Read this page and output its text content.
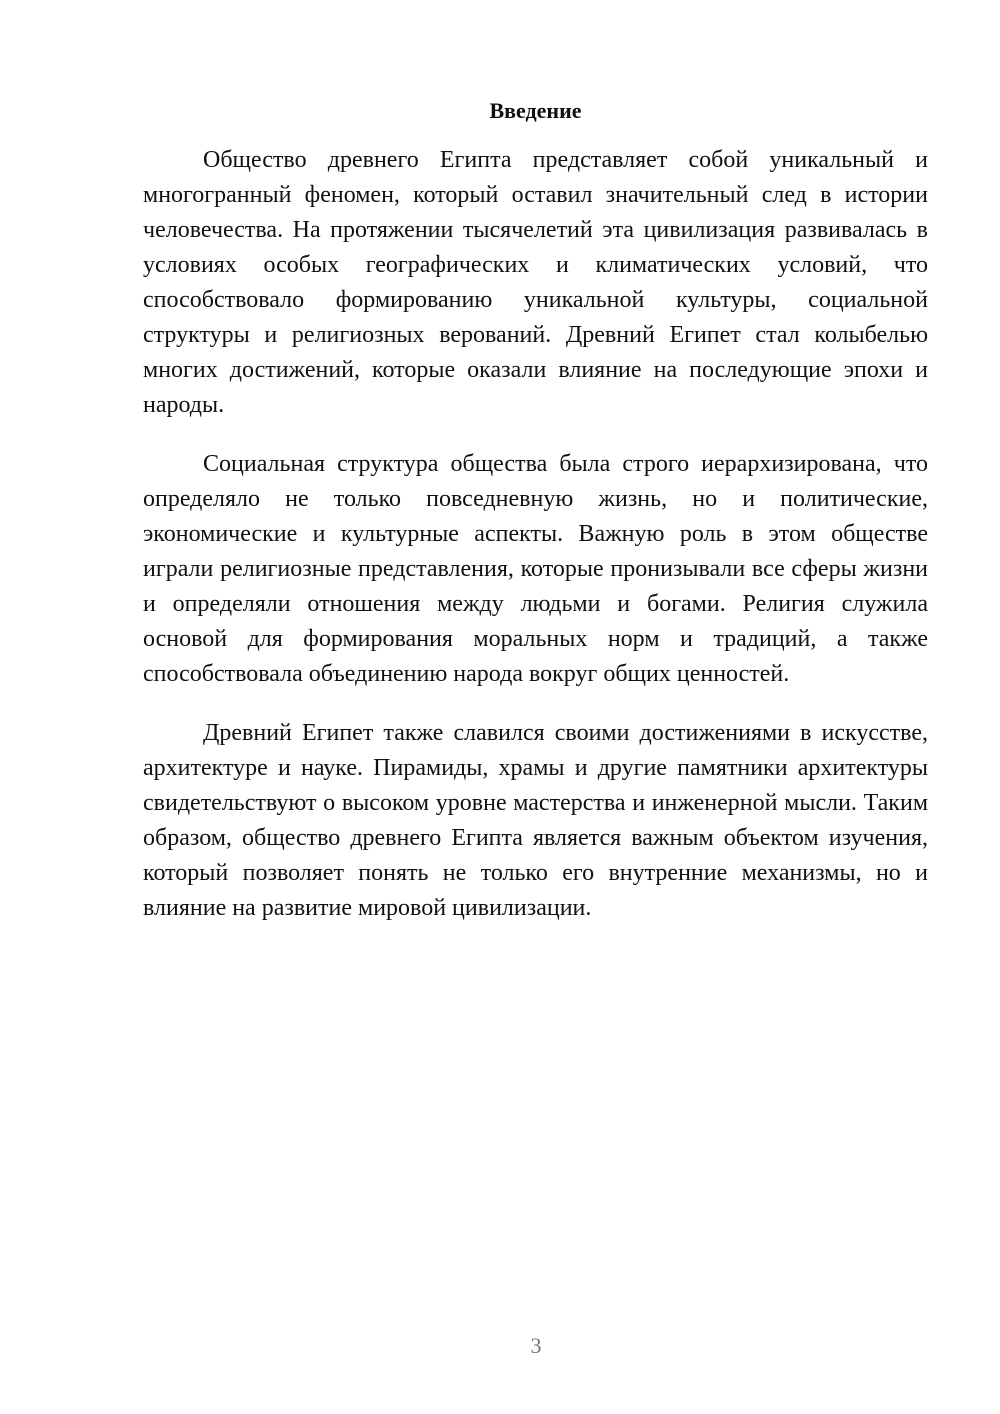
Введение

Общество древнего Египта представляет собой уникальный и многогранный феномен, который оставил значительный след в истории человечества. На протяжении тысячелетий эта цивилизация развивалась в условиях особых географических и климатических условий, что способствовало формированию уникальной культуры, социальной структуры и религиозных верований. Древний Египет стал колыбелью многих достижений, которые оказали влияние на последующие эпохи и народы.

Социальная структура общества была строго иерархизирована, что определяло не только повседневную жизнь, но и политические, экономические и культурные аспекты. Важную роль в этом обществе играли религиозные представления, которые пронизывали все сферы жизни и определяли отношения между людьми и богами. Религия служила основой для формирования моральных норм и традиций, а также способствовала объединению народа вокруг общих ценностей.

Древний Египет также славился своими достижениями в искусстве, архитектуре и науке. Пирамиды, храмы и другие памятники архитектуры свидетельствуют о высоком уровне мастерства и инженерной мысли. Таким образом, общество древнего Египта является важным объектом изучения, который позволяет понять не только его внутренние механизмы, но и влияние на развитие мировой цивилизации.

3
